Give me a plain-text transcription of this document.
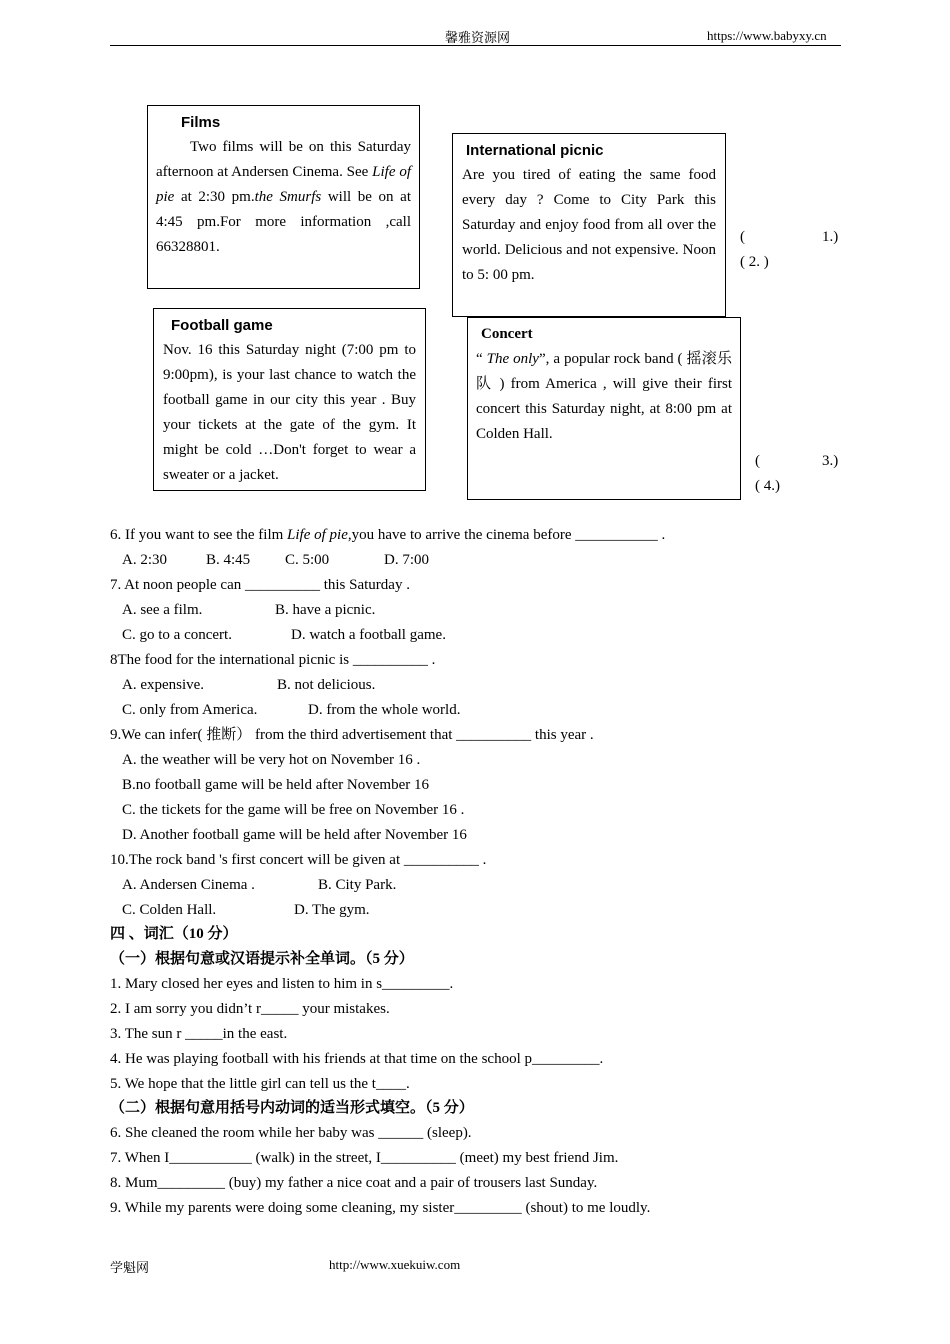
馨雅资源网	https://www.babyxy.cn
Films
Two films will be on this Saturday afternoon at Andersen Cinema. See Life of pie at 2:30 pm.the Smurfs will be on at 4:45 pm.For more information ,call 66328801.
International picnic
Are you tired of eating the same food every day ? Come to City Park this Saturday and enjoy food from all over the world. Delicious and not expensive. Noon to 5: 00 pm.
Football game
Nov. 16 this Saturday night (7:00 pm to 9:00pm), is your last chance to watch the football game in our city this year . Buy your tickets at the gate of the gym. It might be cold …Don't forget to wear a sweater or a jacket.
Concert
“ The only”, a popular rock band ( 摇滚乐队 ) from America , will give their first concert this Saturday night, at 8:00 pm at Colden Hall.
(	1.)
( 2. )
(	3.)
( 4.)
6. If you want to see the film Life of pie,you have to arrive the cinema before ___________ .
A. 2:30	B. 4:45 C. 5:00	D. 7:00
7. At noon people can __________ this Saturday .
A. see a film.	B. have a picnic.
C. go to a concert.	D. watch a football game.
8The food for the international picnic is __________ .
A. expensive.	B. not delicious.
C. only from America.	D. from the whole world.
9.We can infer( 推断） from the third advertisement that __________ this year .
A. the weather will be very hot on November 16 .
B.no football game will be held after November 16
C. the tickets for the game will be free on November 16 .
D. Another football game will be held after November 16
10.The rock band 's first concert will be given at __________ .
A. Andersen Cinema .	B. City Park.
C. Colden Hall.	D. The gym.
四 、词汇（10 分）
（一）根据句意或汉语提示补全单词。（5 分）
1. Mary closed her eyes and listen to him in s_________.
2. I am sorry you didn’t r_____ your mistakes.
3. The sun r _____in the east.
4. He was playing football with his friends at that time on the school p_________.
5. We hope that the little girl can tell us the t____.
（二）根据句意用括号内动词的适当形式填空。（5 分）
6. She cleaned the room while her baby was ______ (sleep).
7. When I___________ (walk) in the street, I__________ (meet) my best friend Jim.
8. Mum_________ (buy) my father a nice coat and a pair of trousers last Sunday.
9. While my parents were doing some cleaning, my sister_________ (shout) to me loudly.
学魁网	http://www.xuekuiw.com
